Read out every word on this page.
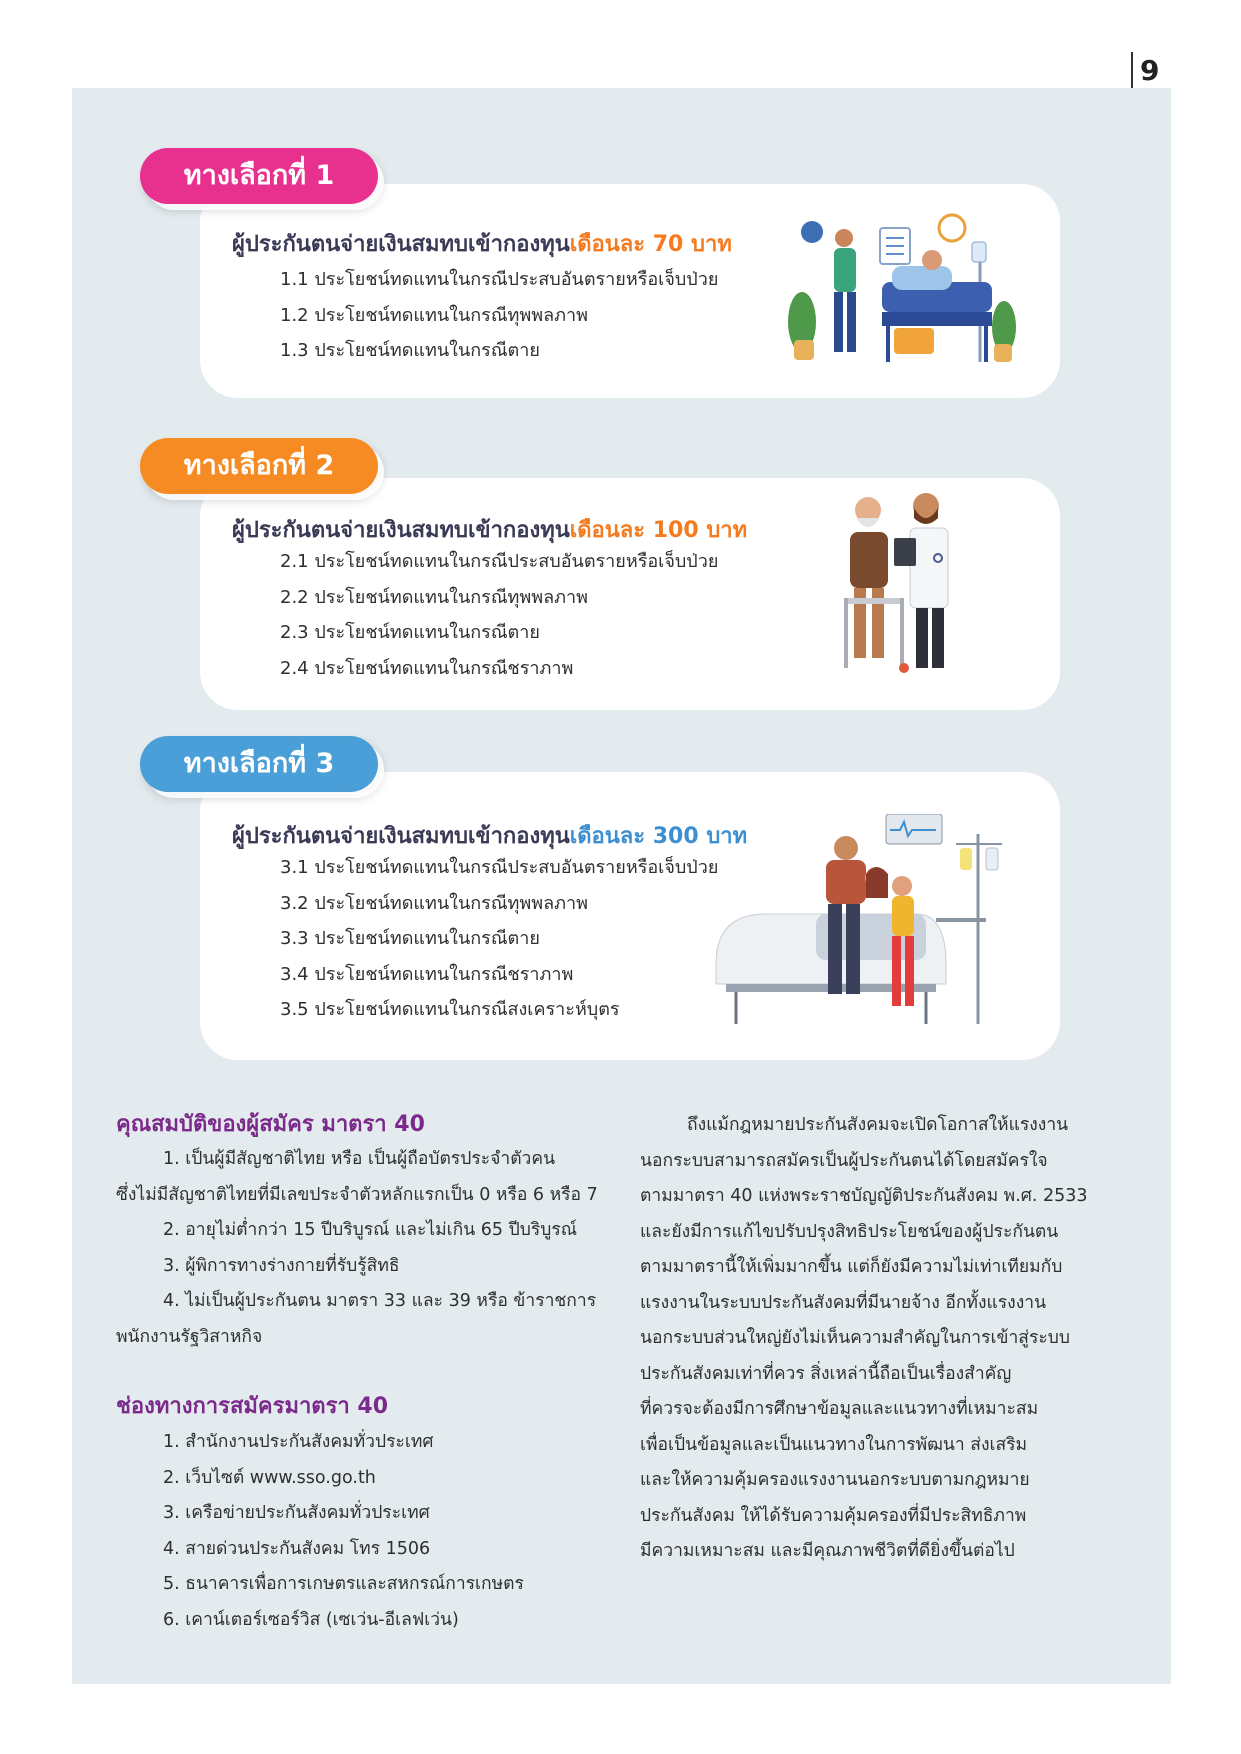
9
ผู้ประกันตนจ่ายเงินสมทบเข้ากองทุนเดือนละ 70 บาท
1.1 ประโยชน์ทดแทนในกรณีประสบอันตรายหรือเจ็บป่วย
1.2 ประโยชน์ทดแทนในกรณีทุพพลภาพ
1.3 ประโยชน์ทดแทนในกรณีตาย
ทางเลือกที่ 1
ผู้ประกันตนจ่ายเงินสมทบเข้ากองทุนเดือนละ 100 บาท
2.1 ประโยชน์ทดแทนในกรณีประสบอันตรายหรือเจ็บป่วย
2.2 ประโยชน์ทดแทนในกรณีทุพพลภาพ
2.3 ประโยชน์ทดแทนในกรณีตาย
2.4 ประโยชน์ทดแทนในกรณีชราภาพ
ทางเลือกที่ 2
ผู้ประกันตนจ่ายเงินสมทบเข้ากองทุนเดือนละ 300 บาท
3.1 ประโยชน์ทดแทนในกรณีประสบอันตรายหรือเจ็บป่วย
3.2 ประโยชน์ทดแทนในกรณีทุพพลภาพ
3.3 ประโยชน์ทดแทนในกรณีตาย
3.4 ประโยชน์ทดแทนในกรณีชราภาพ
3.5 ประโยชน์ทดแทนในกรณีสงเคราะห์บุตร
ทางเลือกที่ 3
คุณสมบัติของผู้สมัคร มาตรา 40
1. เป็นผู้มีสัญชาติไทย หรือ เป็นผู้ถือบัตรประจำตัวคน
ซึ่งไม่มีสัญชาติไทยที่มีเลขประจำตัวหลักแรกเป็น 0 หรือ 6 หรือ 7
2. อายุไม่ต่ำกว่า 15 ปีบริบูรณ์ และไม่เกิน 65 ปีบริบูรณ์
3. ผู้พิการทางร่างกายที่รับรู้สิทธิ
4. ไม่เป็นผู้ประกันตน มาตรา 33 และ 39 หรือ ข้าราชการ
พนักงานรัฐวิสาหกิจ
ช่องทางการสมัครมาตรา 40
1. สำนักงานประกันสังคมทั่วประเทศ
2. เว็บไซต์ www.sso.go.th
3. เครือข่ายประกันสังคมทั่วประเทศ
4. สายด่วนประกันสังคม โทร 1506
5. ธนาคารเพื่อการเกษตรและสหกรณ์การเกษตร
6. เคาน์เตอร์เซอร์วิส (เซเว่น-อีเลฟเว่น)
ถึงแม้กฎหมายประกันสังคมจะเปิดโอกาสให้แรงงาน
นอกระบบสามารถสมัครเป็นผู้ประกันตนได้โดยสมัครใจ
ตามมาตรา 40 แห่งพระราชบัญญัติประกันสังคม พ.ศ. 2533
และยังมีการแก้ไขปรับปรุงสิทธิประโยชน์ของผู้ประกันตน
ตามมาตรานี้ให้เพิ่มมากขึ้น แต่ก็ยังมีความไม่เท่าเทียมกับ
แรงงานในระบบประกันสังคมที่มีนายจ้าง อีกทั้งแรงงาน
นอกระบบส่วนใหญ่ยังไม่เห็นความสำคัญในการเข้าสู่ระบบ
ประกันสังคมเท่าที่ควร สิ่งเหล่านี้ถือเป็นเรื่องสำคัญ
ที่ควรจะต้องมีการศึกษาข้อมูลและแนวทางที่เหมาะสม
เพื่อเป็นข้อมูลและเป็นแนวทางในการพัฒนา ส่งเสริม
และให้ความคุ้มครองแรงงานนอกระบบตามกฎหมาย
ประกันสังคม ให้ได้รับความคุ้มครองที่มีประสิทธิภาพ
มีความเหมาะสม และมีคุณภาพชีวิตที่ดียิ่งขึ้นต่อไป
